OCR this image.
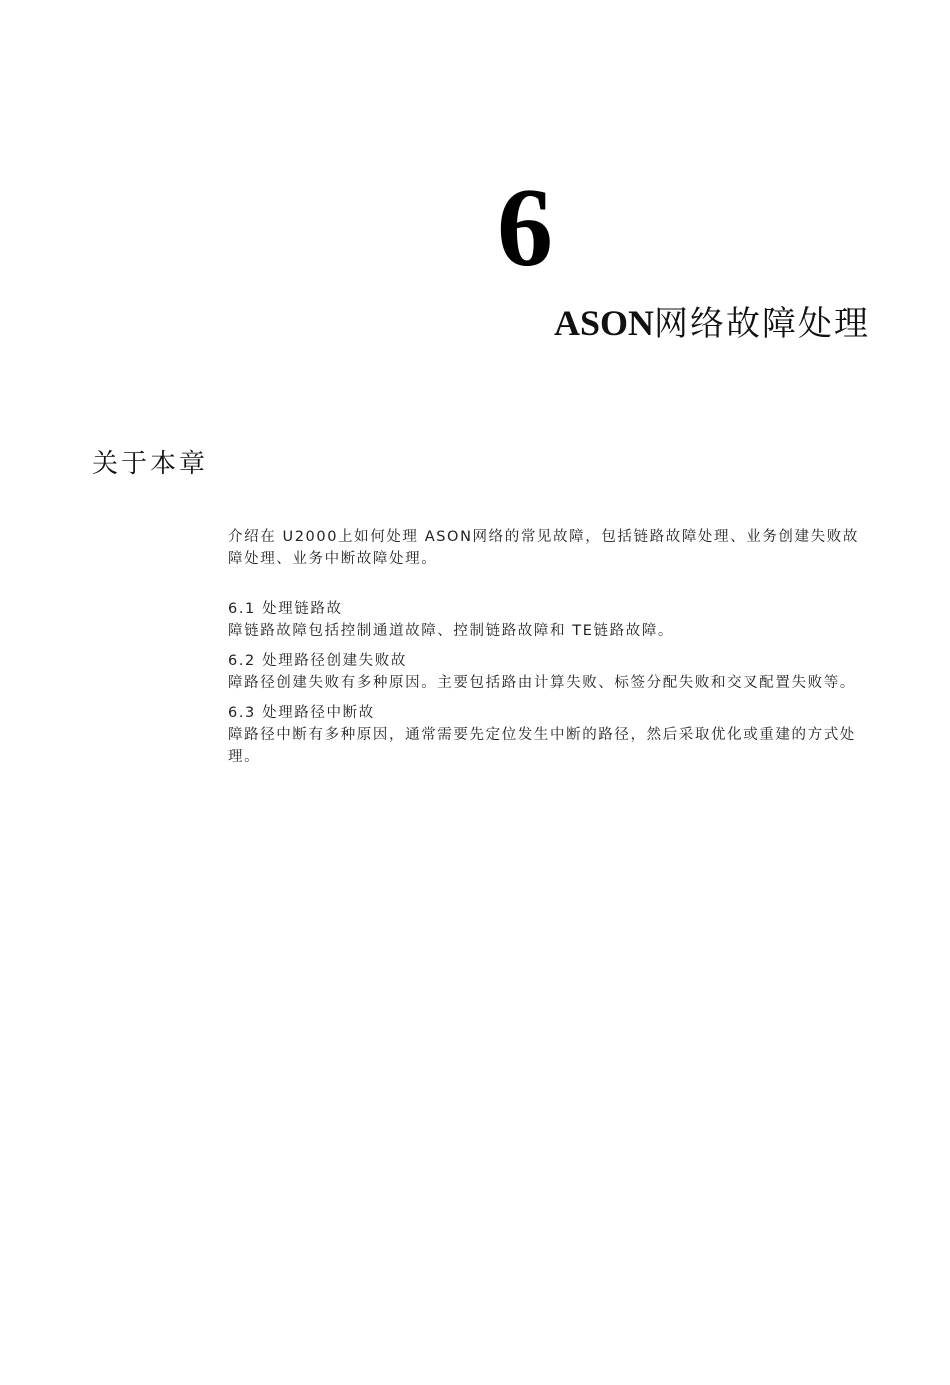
6
ASON网络故障处理
关于本章

介绍在 U2000上如何处理 ASON网络的常见故障，包括链路故障处理、业务创建失败故障处理、业务中断故障处理。

6.1 处理链路故
障链路故障包括控制通道故障、控制链路故障和 TE链路故障。
6.2 处理路径创建失败故
障路径创建失败有多种原因。主要包括路由计算失败、标签分配失败和交叉配置失败等。
6.3 处理路径中断故
障路径中断有多种原因，通常需要先定位发生中断的路径，然后采取优化或重建的方式处理。
